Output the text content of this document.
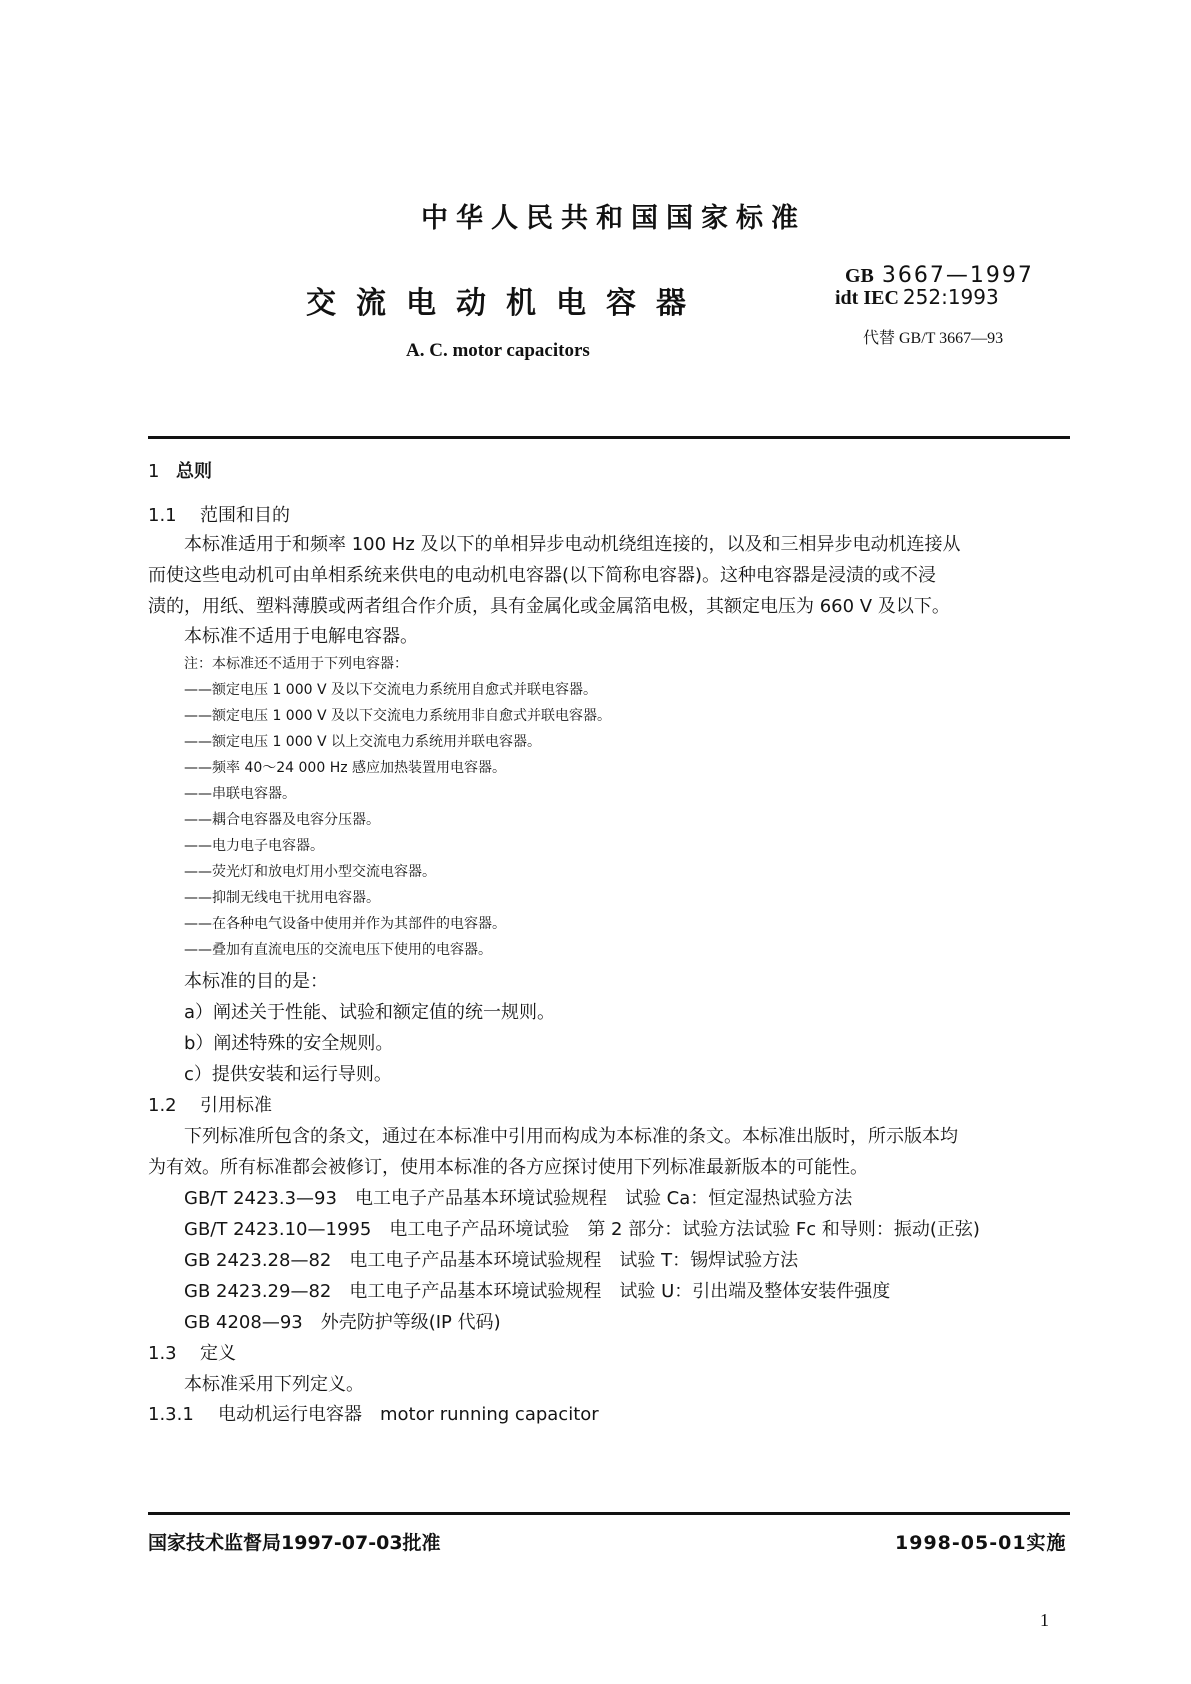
中华人民共和国国家标准
交流电动机电容器
A. C. motor capacitors
GB 3667—1997
idt IEC 252:1993
代替 GB/T 3667—93
1 总则
1.1 范围和目的
本标准适用于和频率 100 Hz 及以下的单相异步电动机绕组连接的，以及和三相异步电动机连接从
而使这些电动机可由单相系统来供电的电动机电容器(以下简称电容器)。这种电容器是浸渍的或不浸
渍的，用纸、塑料薄膜或两者组合作介质，具有金属化或金属箔电极，其额定电压为 660 V 及以下。
本标准不适用于电解电容器。
注：本标准还不适用于下列电容器：
——额定电压 1 000 V 及以下交流电力系统用自愈式并联电容器。
——额定电压 1 000 V 及以下交流电力系统用非自愈式并联电容器。
——额定电压 1 000 V 以上交流电力系统用并联电容器。
——频率 40～24 000 Hz 感应加热装置用电容器。
——串联电容器。
——耦合电容器及电容分压器。
——电力电子电容器。
——荧光灯和放电灯用小型交流电容器。
——抑制无线电干扰用电容器。
——在各种电气设备中使用并作为其部件的电容器。
——叠加有直流电压的交流电压下使用的电容器。
本标准的目的是：
a）阐述关于性能、试验和额定值的统一规则。
b）阐述特殊的安全规则。
c）提供安装和运行导则。
1.2 引用标准
下列标准所包含的条文，通过在本标准中引用而构成为本标准的条文。本标准出版时，所示版本均
为有效。所有标准都会被修订，使用本标准的各方应探讨使用下列标准最新版本的可能性。
GB/T 2423.3—93　电工电子产品基本环境试验规程　试验 Ca：恒定湿热试验方法
GB/T 2423.10—1995　电工电子产品环境试验　第 2 部分：试验方法试验 Fc 和导则：振动(正弦)
GB 2423.28—82　电工电子产品基本环境试验规程　试验 T：锡焊试验方法
GB 2423.29—82　电工电子产品基本环境试验规程　试验 U：引出端及整体安装件强度
GB 4208—93　外壳防护等级(IP 代码)
1.3 定义
本标准采用下列定义。
1.3.1 电动机运行电容器　motor running capacitor
国家技术监督局1997-07-03批准	1998-05-01实施
1
